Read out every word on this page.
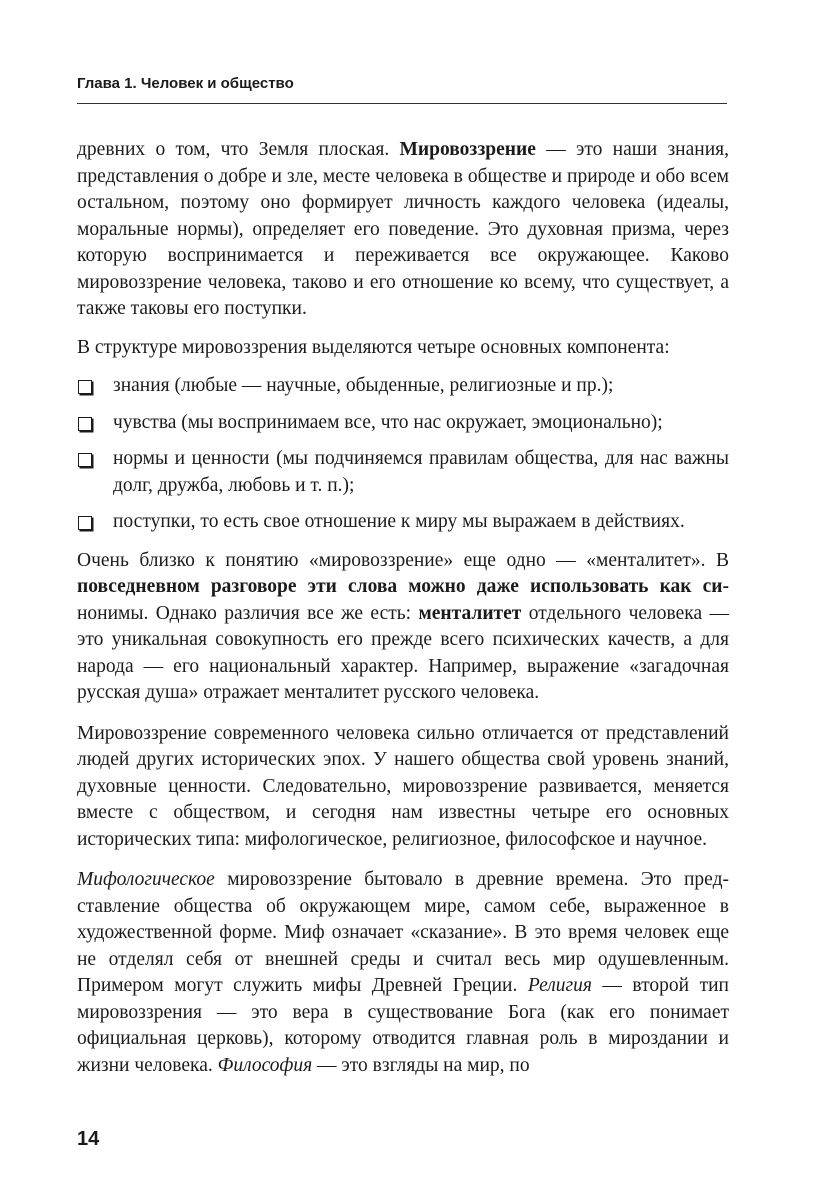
Глава 1. Человек и общество

древних о том, что Земля плоская. Мировоззрение — это наши знания, представления о добре и зле, месте человека в обществе и природе и обо всем остальном, поэтому оно формирует личность каждого человека (идеалы, моральные нормы), определяет его поведение. Это духовная призма, через которую воспринимается и переживается все окружающее. Каково мировоззрение человека, таково и его отношение ко всему, что существует, а также таковы его поступки.

В структуре мировоззрения выделяются четыре основных компонента:

знания (любые — научные, обыденные, религиозные и пр.);
чувства (мы воспринимаем все, что нас окружает, эмоционально);
нормы и ценности (мы подчиняемся правилам общества, для нас важны долг, дружба, любовь и т. п.);
поступки, то есть свое отношение к миру мы выражаем в действиях.

Очень близко к понятию «мировоззрение» еще одно — «менталитет». В повседневном разговоре эти слова можно даже использовать как синонимы. Однако различия все же есть: менталитет отдельного человека — это уникальная совокупность его прежде всего психических качеств, а для народа — его национальный характер. Например, выражение «загадочная русская душа» отражает менталитет русского человека.

Мировоззрение современного человека сильно отличается от представлений людей других исторических эпох. У нашего общества свой уровень знаний, духовные ценности. Следовательно, мировоззрение развивается, меняется вместе с обществом, и сегодня нам известны четыре его основных исторических типа: мифологическое, религиозное, философское и научное.

Мифологическое мировоззрение бытовало в древние времена. Это представление общества об окружающем мире, самом себе, выраженное в художественной форме. Миф означает «сказание». В это время человек еще не отделял себя от внешней среды и считал весь мир одушевленным. Примером могут служить мифы Древней Греции. Религия — второй тип мировоззрения — это вера в существование Бога (как его понимает официальная церковь), которому отводится главная роль в мироздании и жизни человека. Философия — это взгляды на мир, по

14
